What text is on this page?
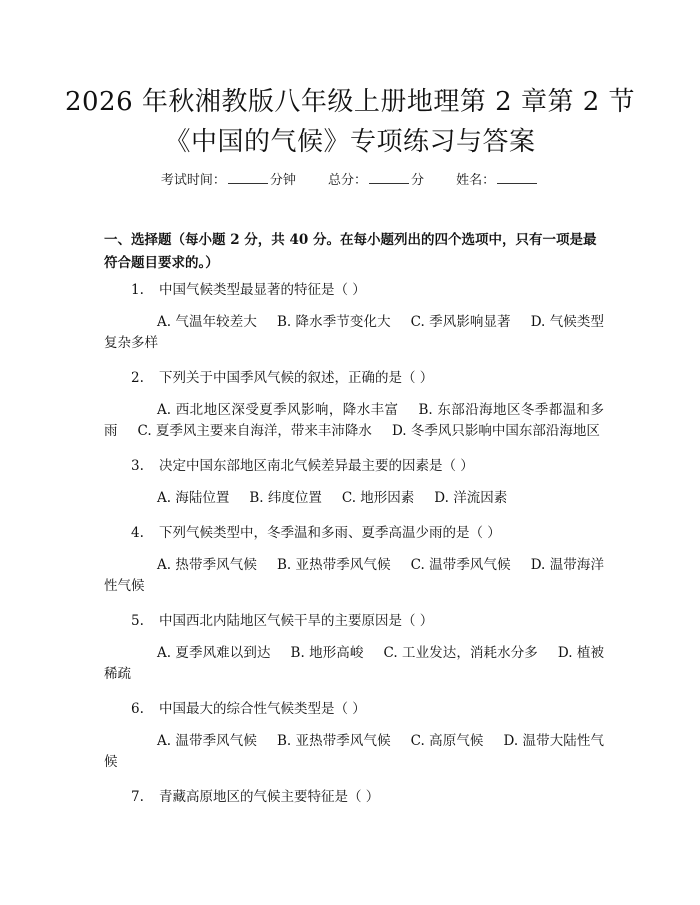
2026 年秋湘教版八年级上册地理第 2 章第 2 节《中国的气候》专项练习与答案
考试时间：	分钟 总分：	分 姓名：
一、选择题（每小题 2 分，共 40 分。在每小题列出的四个选项中，只有一项是最符合题目要求的。）
1. 中国气候类型最显著的特征是（ ）
A. 气温年较差大 B. 降水季节变化大 C. 季风影响显著 D. 气候类型复杂多样
2. 下列关于中国季风气候的叙述，正确的是（ ）
A. 西北地区深受夏季风影响，降水丰富 B. 东部沿海地区冬季都温和多雨 C. 夏季风主要来自海洋，带来丰沛降水 D. 冬季风只影响中国东部沿海地区
3. 决定中国东部地区南北气候差异最主要的因素是（ ）
A. 海陆位置 B. 纬度位置 C. 地形因素 D. 洋流因素
4. 下列气候类型中，冬季温和多雨、夏季高温少雨的是（ ）
A. 热带季风气候 B. 亚热带季风气候 C. 温带季风气候 D. 温带海洋性气候
5. 中国西北内陆地区气候干旱的主要原因是（ ）
A. 夏季风难以到达 B. 地形高峻 C. 工业发达，消耗水分多 D. 植被稀疏
6. 中国最大的综合性气候类型是（ ）
A. 温带季风气候 B. 亚热带季风气候 C. 高原气候 D. 温带大陆性气候
7. 青藏高原地区的气候主要特征是（ ）
